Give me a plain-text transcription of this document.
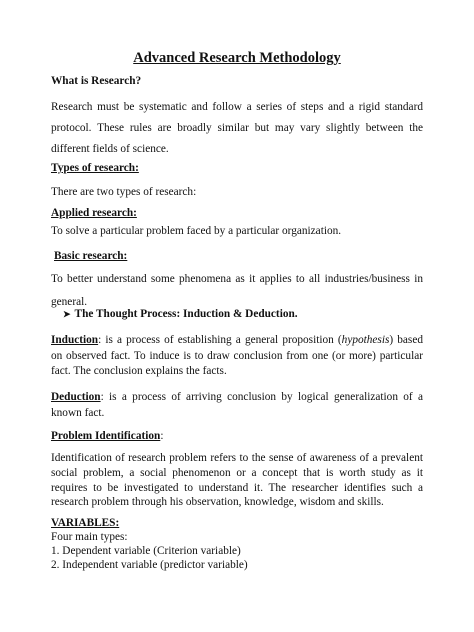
Advanced Research Methodology
What is Research?

Research must be systematic and follow a series of steps and a rigid standard protocol. These rules are broadly similar but may vary slightly between the different fields of science.

Types of research:
There are two types of research:
Applied research:
To solve a particular problem faced by a particular organization.
Basic research:

To better understand some phenomena as it applies to all industries/business in general.

➤ The Thought Process: Induction & Deduction.

Induction: is a process of establishing a general proposition (hypothesis) based on observed fact. To induce is to draw conclusion from one (or more) particular fact. The conclusion explains the facts.

Deduction: is a process of arriving conclusion by logical generalization of a known fact.

Problem Identification:

Identification of research problem refers to the sense of awareness of a prevalent social problem, a social phenomenon or a concept that is worth study as it requires to be investigated to understand it. The researcher identifies such a research problem through his observation, knowledge, wisdom and skills.

VARIABLES:
Four main types:
1. Dependent variable (Criterion variable)
2. Independent variable (predictor variable)
